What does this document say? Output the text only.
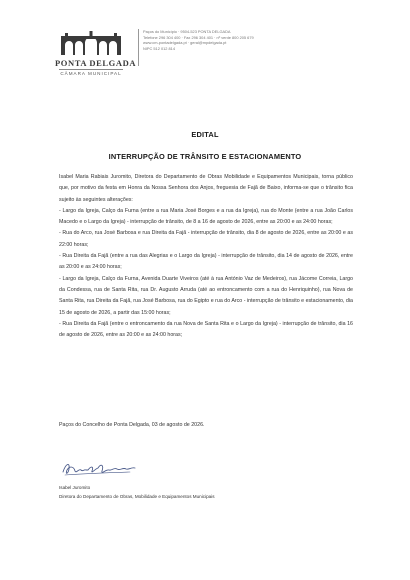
PONTA DELGADA
CÂMARA MUNICIPAL
Paços do Município · 9504-523 PONTA DELGADA
Telefone 296 304 400 · Fax 296 304 401 · nº verde 800 205 679
www.cm-pontadelgada.pt · geral@mpdelgada.pt
NIPC 512 012 814
EDITAL
INTERRUPÇÃO DE TRÂNSITO E ESTACIONAMENTO

Isabel Maria Rabiais Juromito, Diretora do Departamento de Obras Mobilidade e Equipamentos Municipais, torna público que, por motivo da festa em Honra da Nossa Senhora dos Anjos, freguesia de Fajã de Baixo, informa-se que o trânsito fica sujeito às seguintes alterações:

- Largo da Igreja, Calço da Furna (entre a rua Maria José Borges e a rua da Igreja), rua do Monte (entre a rua João Carlos Macedo e o Largo da Igreja) - interrupção de trânsito, de 8 a 16 de agosto de 2026, entre as 20:00 e as 24:00 horas;

- Rua do Arco, rua José Barbosa e rua Direita da Fajã - interrupção de trânsito, dia 8 de agosto de 2026, entre as 20:00 e as 22:00 horas;

- Rua Direita da Fajã (entre a rua das Alegrias e o Largo da Igreja) - interrupção de trânsito, dia 14 de agosto de 2026, entre as 20:00 e as 24:00 horas;

- Largo da Igreja, Calço da Furna, Avenida Duarte Viveiros (até à rua António Vaz de Medeiros), rua Jácome Correia, Largo da Condessa, rua de Santa Rita, rua Dr. Augusto Arruda (até ao entroncamento com a rua do Henriquinho), rua Nova de Santa Rita, rua Direita da Fajã, rua José Barbosa, rua do Egipto e rua do Arco - interrupção de trânsito e estacionamento, dia 15 de agosto de 2026, a partir das 15:00 horas;

- Rua Direita da Fajã (entre o entroncamento da rua Nova de Santa Rita e o Largo da Igreja) - interrupção de trânsito, dia 16 de agosto de 2026, entre as 20:00 e as 24:00 horas;

Paços do Concelho de Ponta Delgada, 03 de agosto de 2026.
Isabel Juromito
Diretora do Departamento de Obras, Mobilidade e Equipamentos Municipais
